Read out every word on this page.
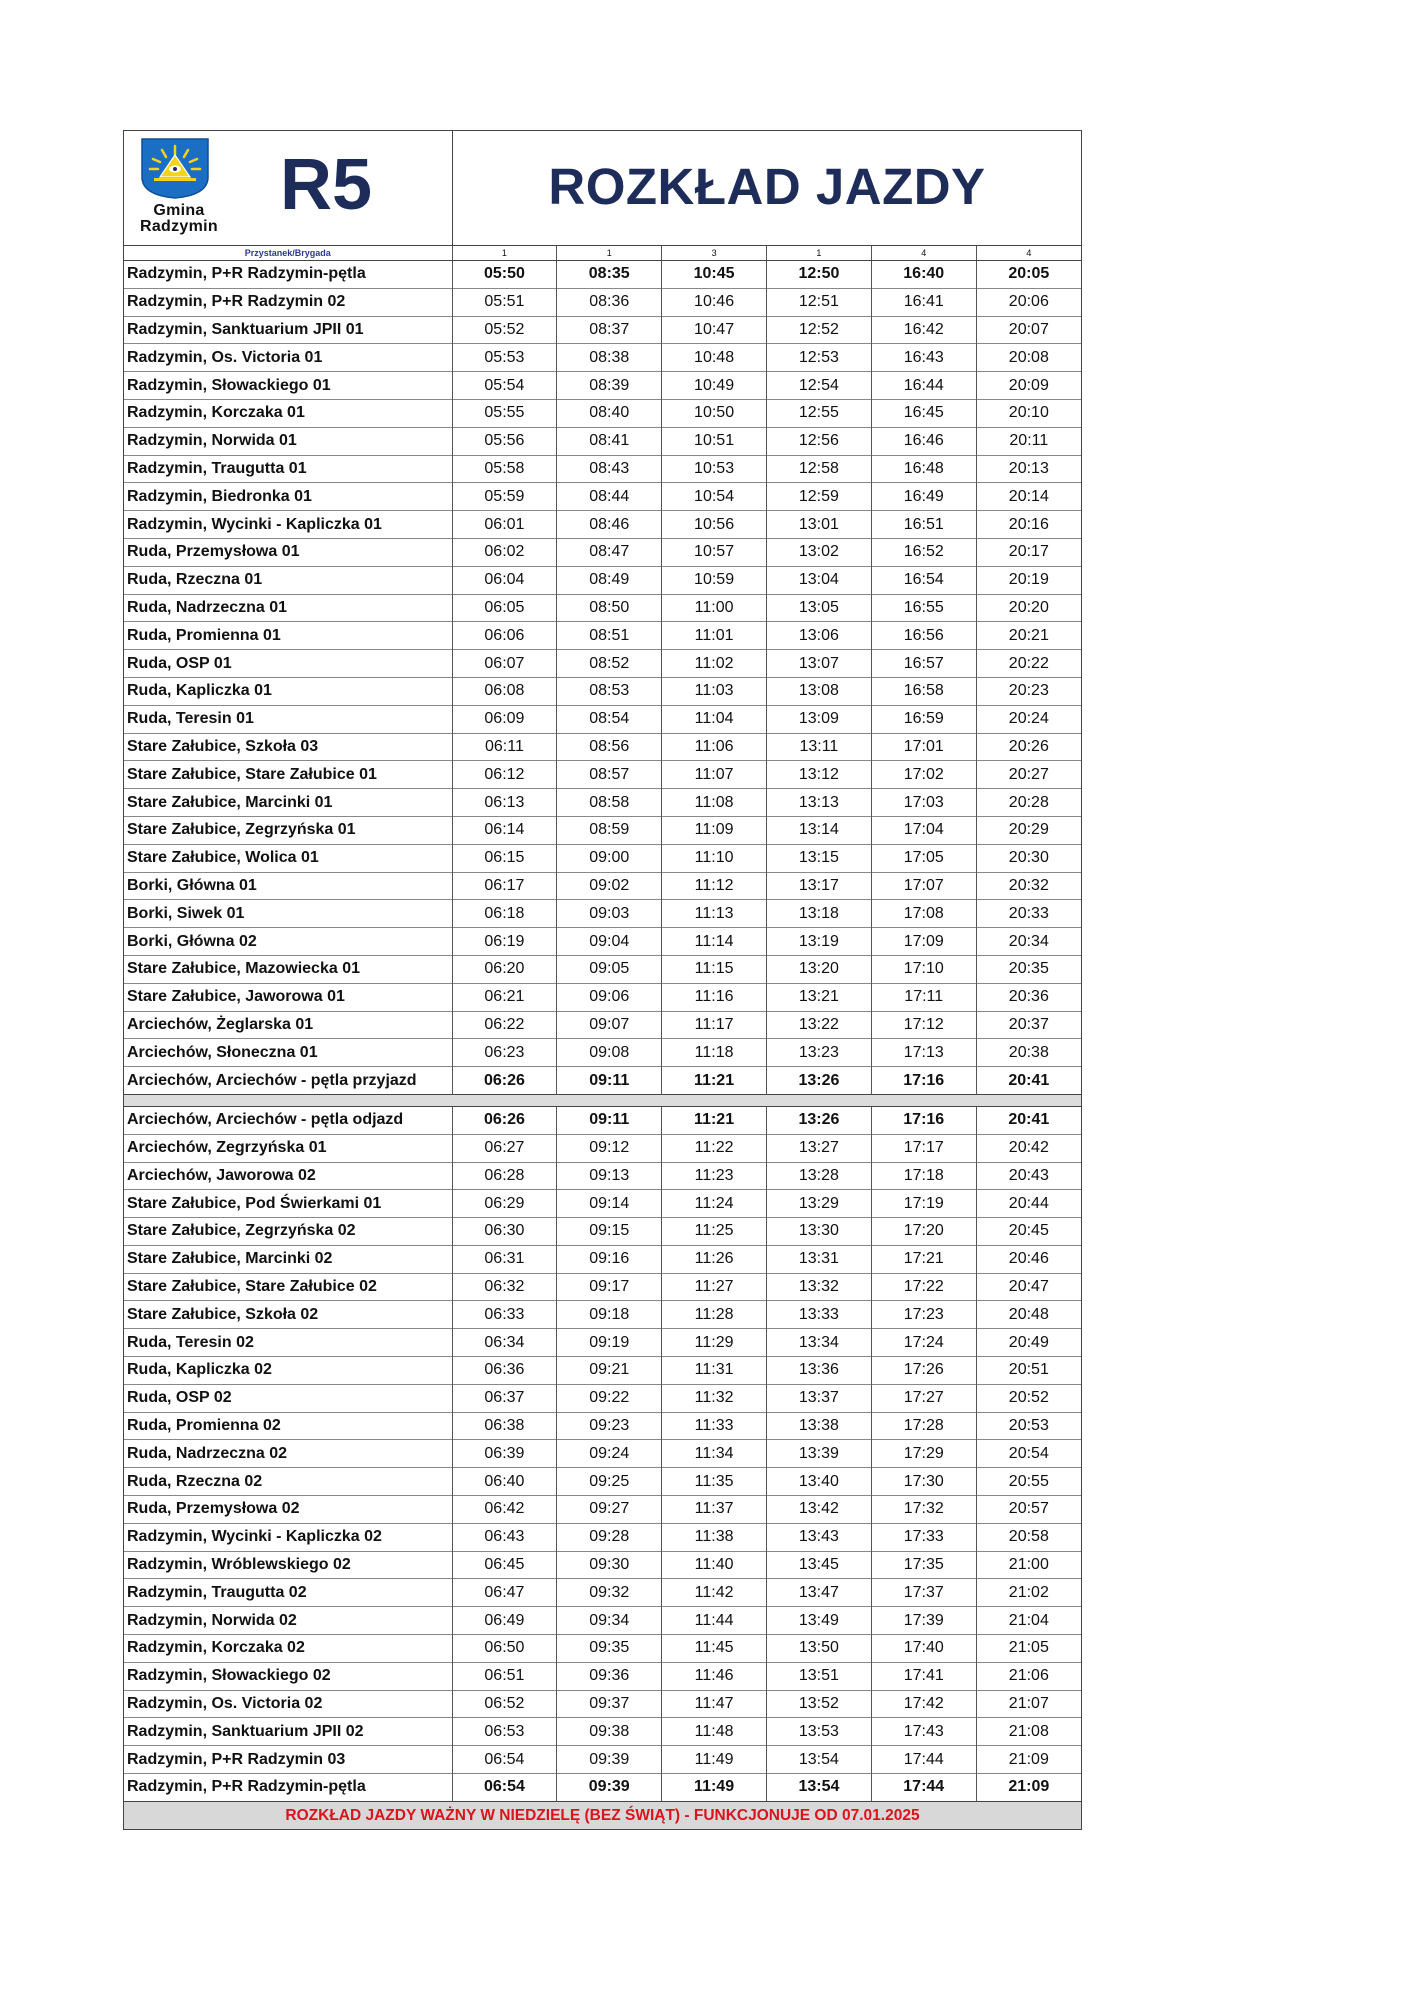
Gmina
Radzymin
R5	ROZKŁAD JAZDY
Przystanek/Brygada	1	1	3	1	4	4
Radzymin, P+R Radzymin-pętla	05:50	08:35	10:45	12:50	16:40	20:05
Radzymin, P+R Radzymin 02	05:51	08:36	10:46	12:51	16:41	20:06
Radzymin, Sanktuarium JPII 01	05:52	08:37	10:47	12:52	16:42	20:07
Radzymin, Os. Victoria 01	05:53	08:38	10:48	12:53	16:43	20:08
Radzymin, Słowackiego 01	05:54	08:39	10:49	12:54	16:44	20:09
Radzymin, Korczaka 01	05:55	08:40	10:50	12:55	16:45	20:10
Radzymin, Norwida 01	05:56	08:41	10:51	12:56	16:46	20:11
Radzymin, Traugutta 01	05:58	08:43	10:53	12:58	16:48	20:13
Radzymin, Biedronka 01	05:59	08:44	10:54	12:59	16:49	20:14
Radzymin, Wycinki - Kapliczka 01	06:01	08:46	10:56	13:01	16:51	20:16
Ruda, Przemysłowa 01	06:02	08:47	10:57	13:02	16:52	20:17
Ruda, Rzeczna 01	06:04	08:49	10:59	13:04	16:54	20:19
Ruda, Nadrzeczna 01	06:05	08:50	11:00	13:05	16:55	20:20
Ruda, Promienna 01	06:06	08:51	11:01	13:06	16:56	20:21
Ruda, OSP 01	06:07	08:52	11:02	13:07	16:57	20:22
Ruda, Kapliczka 01	06:08	08:53	11:03	13:08	16:58	20:23
Ruda, Teresin 01	06:09	08:54	11:04	13:09	16:59	20:24
Stare Załubice, Szkoła 03	06:11	08:56	11:06	13:11	17:01	20:26
Stare Załubice, Stare Załubice 01	06:12	08:57	11:07	13:12	17:02	20:27
Stare Załubice, Marcinki 01	06:13	08:58	11:08	13:13	17:03	20:28
Stare Załubice, Zegrzyńska 01	06:14	08:59	11:09	13:14	17:04	20:29
Stare Załubice, Wolica 01	06:15	09:00	11:10	13:15	17:05	20:30
Borki, Główna 01	06:17	09:02	11:12	13:17	17:07	20:32
Borki, Siwek 01	06:18	09:03	11:13	13:18	17:08	20:33
Borki, Główna 02	06:19	09:04	11:14	13:19	17:09	20:34
Stare Załubice, Mazowiecka 01	06:20	09:05	11:15	13:20	17:10	20:35
Stare Załubice, Jaworowa 01	06:21	09:06	11:16	13:21	17:11	20:36
Arciechów, Żeglarska 01	06:22	09:07	11:17	13:22	17:12	20:37
Arciechów, Słoneczna 01	06:23	09:08	11:18	13:23	17:13	20:38
Arciechów, Arciechów - pętla przyjazd	06:26	09:11	11:21	13:26	17:16	20:41

Arciechów, Arciechów - pętla odjazd	06:26	09:11	11:21	13:26	17:16	20:41
Arciechów, Zegrzyńska 01	06:27	09:12	11:22	13:27	17:17	20:42
Arciechów, Jaworowa 02	06:28	09:13	11:23	13:28	17:18	20:43
Stare Załubice, Pod Świerkami 01	06:29	09:14	11:24	13:29	17:19	20:44
Stare Załubice, Zegrzyńska 02	06:30	09:15	11:25	13:30	17:20	20:45
Stare Załubice, Marcinki 02	06:31	09:16	11:26	13:31	17:21	20:46
Stare Załubice, Stare Załubice 02	06:32	09:17	11:27	13:32	17:22	20:47
Stare Załubice, Szkoła 02	06:33	09:18	11:28	13:33	17:23	20:48
Ruda, Teresin 02	06:34	09:19	11:29	13:34	17:24	20:49
Ruda, Kapliczka 02	06:36	09:21	11:31	13:36	17:26	20:51
Ruda, OSP 02	06:37	09:22	11:32	13:37	17:27	20:52
Ruda, Promienna 02	06:38	09:23	11:33	13:38	17:28	20:53
Ruda, Nadrzeczna 02	06:39	09:24	11:34	13:39	17:29	20:54
Ruda, Rzeczna 02	06:40	09:25	11:35	13:40	17:30	20:55
Ruda, Przemysłowa 02	06:42	09:27	11:37	13:42	17:32	20:57
Radzymin, Wycinki - Kapliczka 02	06:43	09:28	11:38	13:43	17:33	20:58
Radzymin, Wróblewskiego 02	06:45	09:30	11:40	13:45	17:35	21:00
Radzymin, Traugutta 02	06:47	09:32	11:42	13:47	17:37	21:02
Radzymin, Norwida 02	06:49	09:34	11:44	13:49	17:39	21:04
Radzymin, Korczaka 02	06:50	09:35	11:45	13:50	17:40	21:05
Radzymin, Słowackiego 02	06:51	09:36	11:46	13:51	17:41	21:06
Radzymin, Os. Victoria 02	06:52	09:37	11:47	13:52	17:42	21:07
Radzymin, Sanktuarium JPII 02	06:53	09:38	11:48	13:53	17:43	21:08
Radzymin, P+R Radzymin 03	06:54	09:39	11:49	13:54	17:44	21:09
Radzymin, P+R Radzymin-pętla	06:54	09:39	11:49	13:54	17:44	21:09
ROZKŁAD JAZDY WAŻNY W NIEDZIELĘ (BEZ ŚWIĄT) - FUNKCJONUJE OD 07.01.2025
